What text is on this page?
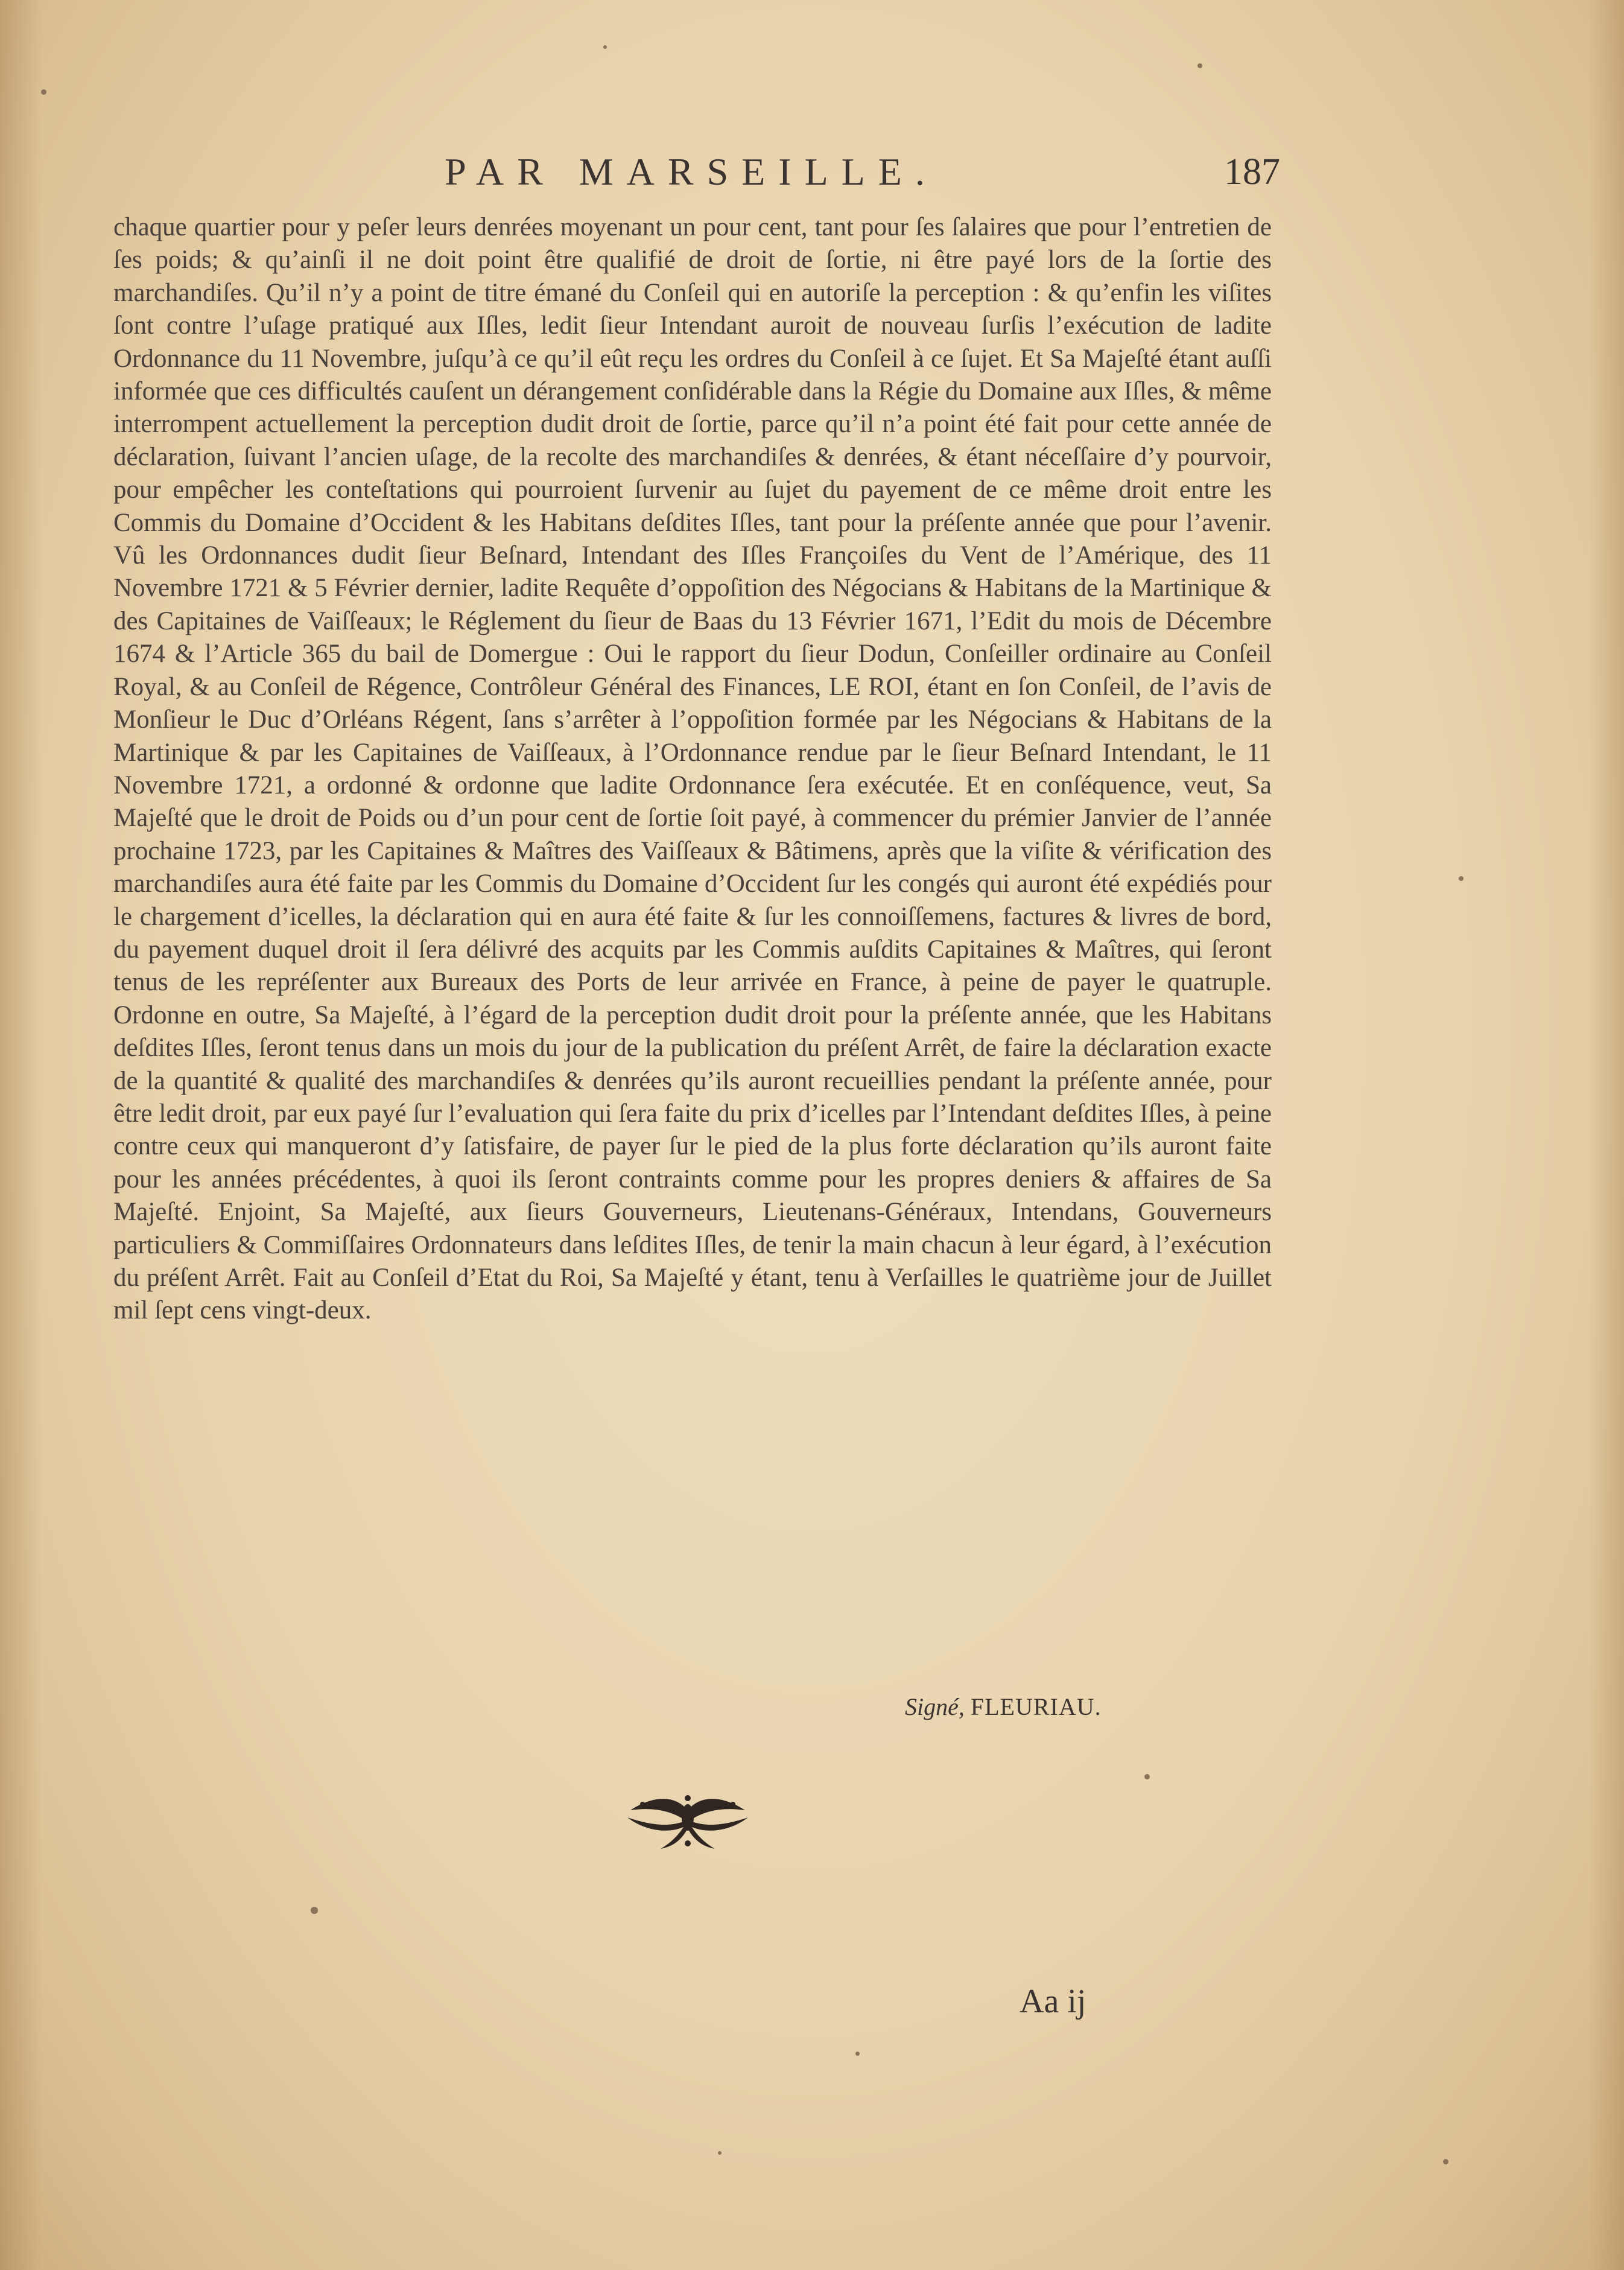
PAR MARSEILLE.	187

chaque quartier pour y peſer leurs denrées moyenant un pour cent, tant pour ſes ſalaires que pour l’entretien de ſes poids; & qu’ainſi il ne doit point être qualifié de droit de ſortie, ni être payé lors de la ſortie des marchandiſes. Qu’il n’y a point de titre émané du Conſeil qui en autoriſe la perception : & qu’enfin les viſites ſont contre l’uſage pratiqué aux Iſles, ledit ſieur Intendant auroit de nouveau ſurſis l’exécution de ladite Ordonnance du 11 Novembre, juſqu’à ce qu’il eût reçu les ordres du Conſeil à ce ſujet. Et Sa Majeſté étant auſſi informée que ces difficultés cauſent un dérangement conſidérable dans la Régie du Domaine aux Iſles, & même interrompent actuellement la perception dudit droit de ſortie, parce qu’il n’a point été fait pour cette année de déclaration, ſuivant l’ancien uſage, de la recolte des marchandiſes & denrées, & étant néceſſaire d’y pourvoir, pour empêcher les conteſtations qui pourroient ſurvenir au ſujet du payement de ce même droit entre les Commis du Domaine d’Occident & les Habitans deſdites Iſles, tant pour la préſente année que pour l’avenir. Vû les Ordonnances dudit ſieur Beſnard, Intendant des Iſles Françoiſes du Vent de l’Amérique, des 11 Novembre 1721 & 5 Février dernier, ladite Requête d’oppoſition des Négocians & Habitans de la Martinique & des Capitaines de Vaiſſeaux; le Réglement du ſieur de Baas du 13 Février 1671, l’Edit du mois de Décembre 1674 & l’Article 365 du bail de Domergue : Oui le rapport du ſieur Dodun, Conſeiller ordinaire au Conſeil Royal, & au Conſeil de Régence, Contrôleur Général des Finances, LE ROI, étant en ſon Conſeil, de l’avis de Monſieur le Duc d’Orléans Régent, ſans s’arrêter à l’oppoſition formée par les Négocians & Habitans de la Martinique & par les Capitaines de Vaiſſeaux, à l’Ordonnance rendue par le ſieur Beſnard Intendant, le 11 Novembre 1721, a ordonné & ordonne que ladite Ordonnance ſera exécutée. Et en conſéquence, veut, Sa Majeſté que le droit de Poids ou d’un pour cent de ſortie ſoit payé, à commencer du prémier Janvier de l’année prochaine 1723, par les Capitaines & Maîtres des Vaiſſeaux & Bâtimens, après que la viſite & vérification des marchandiſes aura été faite par les Commis du Domaine d’Occident ſur les congés qui auront été expédiés pour le chargement d’icelles, la déclaration qui en aura été faite & ſur les connoiſſemens, factures & livres de bord, du payement duquel droit il ſera délivré des acquits par les Commis auſdits Capitaines & Maîtres, qui ſeront tenus de les repréſenter aux Bureaux des Ports de leur arrivée en France, à peine de payer le quatruple. Ordonne en outre, Sa Majeſté, à l’égard de la perception dudit droit pour la préſente année, que les Habitans deſdites Iſles, ſeront tenus dans un mois du jour de la publication du préſent Arrêt, de faire la déclaration exacte de la quantité & qualité des marchandiſes & denrées qu’ils auront recueillies pendant la préſente année, pour être ledit droit, par eux payé ſur l’evaluation qui ſera faite du prix d’icelles par l’Intendant deſdites Iſles, à peine contre ceux qui manqueront d’y ſatisfaire, de payer ſur le pied de la plus forte déclaration qu’ils auront faite pour les années précédentes, à quoi ils ſeront contraints comme pour les propres deniers & affaires de Sa Majeſté. Enjoint, Sa Majeſté, aux ſieurs Gouverneurs, Lieutenans-Généraux, Intendans, Gouverneurs particuliers & Commiſſaires Ordonnateurs dans leſdites Iſles, de tenir la main chacun à leur égard, à l’exécution du préſent Arrêt. Fait au Conſeil d’Etat du Roi, Sa Majeſté y étant, tenu à Verſailles le quatrième jour de Juillet mil ſept cens vingt-deux.

Signé, FLEURIAU.
Aa ij
